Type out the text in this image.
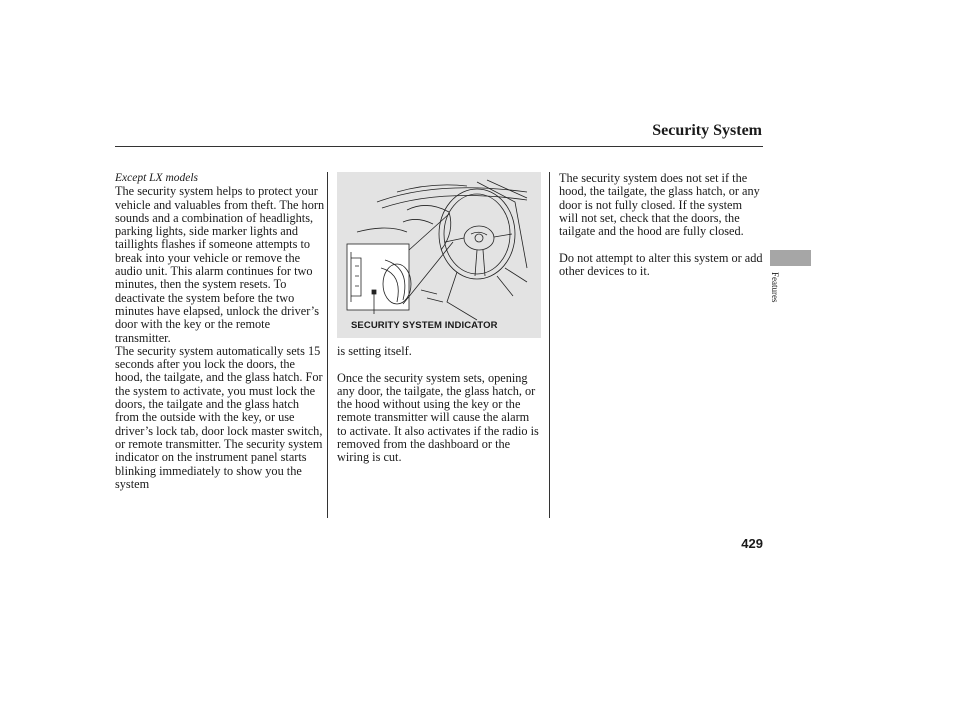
Security System

Except LX models

The security system helps to protect your vehicle and valuables from theft. The horn sounds and a combination of headlights, parking lights, side marker lights and taillights flashes if someone attempts to break into your vehicle or remove the audio unit. This alarm continues for two minutes, then the system resets. To deactivate the system before the two minutes have elapsed, unlock the driver’s door with the key or the remote transmitter.

The security system automatically sets 15 seconds after you lock the doors, the hood, the tailgate, and the glass hatch. For the system to activate, you must lock the doors, the tailgate and the glass hatch from the outside with the key, or use driver’s lock tab, door lock master switch, or remote transmitter. The security system indicator on the instrument panel starts blinking immediately to show you the system

SECURITY SYSTEM INDICATOR

is setting itself.

Once the security system sets, opening any door, the tailgate, the glass hatch, or the hood without using the key or the remote transmitter will cause the alarm to activate. It also activates if the radio is removed from the dashboard or the wiring is cut.

The security system does not set if the hood, the tailgate, the glass hatch, or any door is not fully closed. If the system will not set, check that the doors, the tailgate and the hood are fully closed.

Do not attempt to alter this system or add other devices to it.

Features
429
